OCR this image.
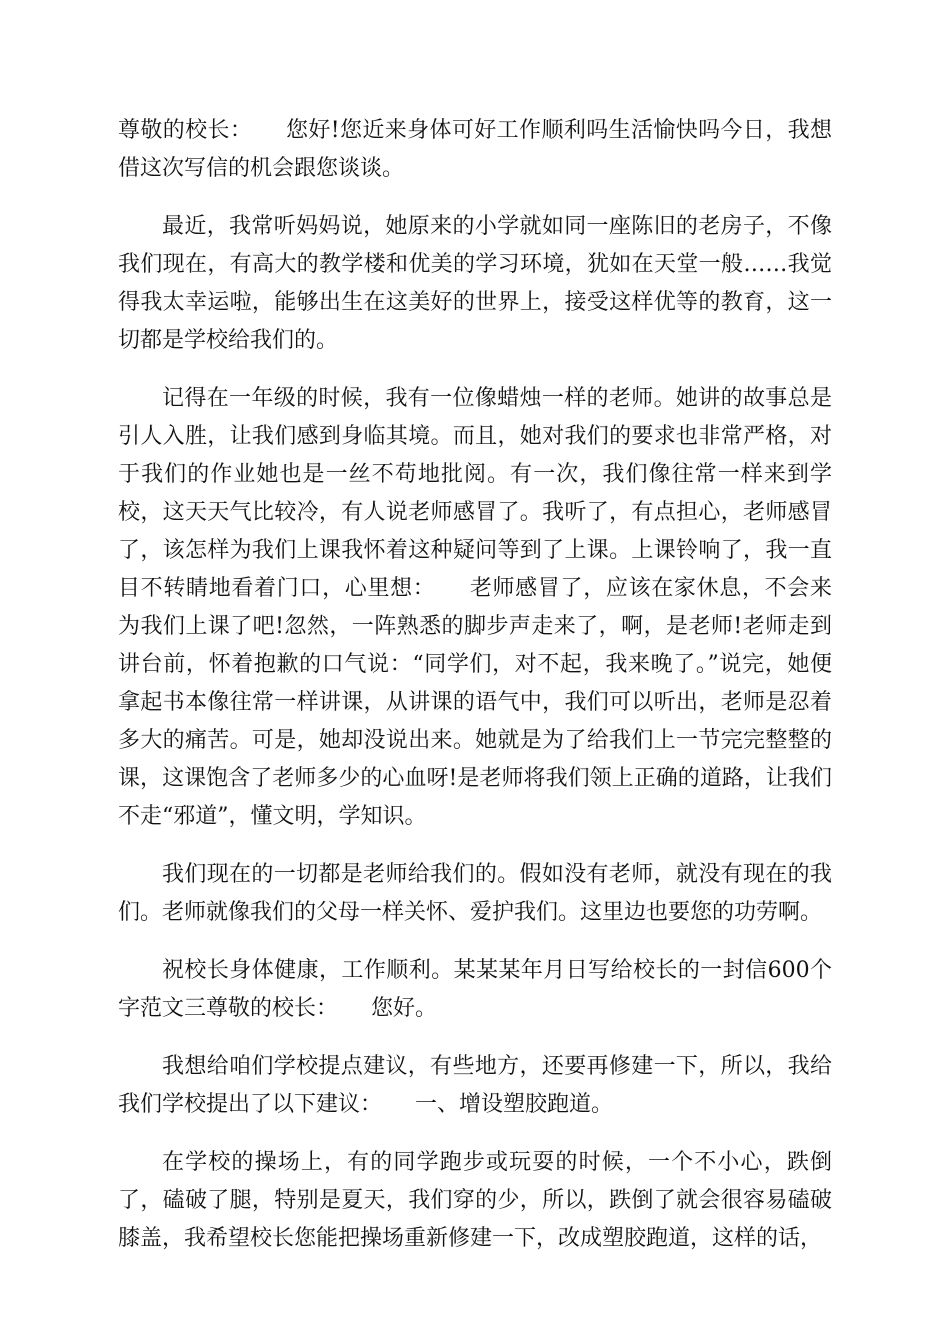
尊敬的校长：　　您好!您近来身体可好工作顺利吗生活愉快吗今日，我想借这次写信的机会跟您谈谈。

最近，我常听妈妈说，她原来的小学就如同一座陈旧的老房子，不像我们现在，有高大的教学楼和优美的学习环境，犹如在天堂一般……我觉得我太幸运啦，能够出生在这美好的世界上，接受这样优等的教育，这一切都是学校给我们的。

记得在一年级的时候，我有一位像蜡烛一样的老师。她讲的故事总是引人入胜，让我们感到身临其境。而且，她对我们的要求也非常严格，对于我们的作业她也是一丝不苟地批阅。有一次，我们像往常一样来到学校，这天天气比较冷，有人说老师感冒了。我听了，有点担心，老师感冒了，该怎样为我们上课我怀着这种疑问等到了上课。上课铃响了，我一直目不转睛地看着门口，心里想：　　老师感冒了，应该在家休息，不会来为我们上课了吧!忽然，一阵熟悉的脚步声走来了，啊，是老师!老师走到讲台前，怀着抱歉的口气说：“同学们，对不起，我来晚了。”说完，她便拿起书本像往常一样讲课，从讲课的语气中，我们可以听出，老师是忍着多大的痛苦。可是，她却没说出来。她就是为了给我们上一节完完整整的课，这课饱含了老师多少的心血呀!是老师将我们领上正确的道路，让我们不走“邪道”，懂文明，学知识。

我们现在的一切都是老师给我们的。假如没有老师，就没有现在的我们。老师就像我们的父母一样关怀、爱护我们。这里边也要您的功劳啊。

祝校长身体健康，工作顺利。某某某年月日写给校长的一封信600个字范文三尊敬的校长：　　您好。

我想给咱们学校提点建议，有些地方，还要再修建一下，所以，我给我们学校提出了以下建议：　　一、增设塑胶跑道。

在学校的操场上，有的同学跑步或玩耍的时候，一个不小心，跌倒了，磕破了腿，特别是夏天，我们穿的少，所以，跌倒了就会很容易磕破膝盖，我希望校长您能把操场重新修建一下，改成塑胶跑道，这样的话，
